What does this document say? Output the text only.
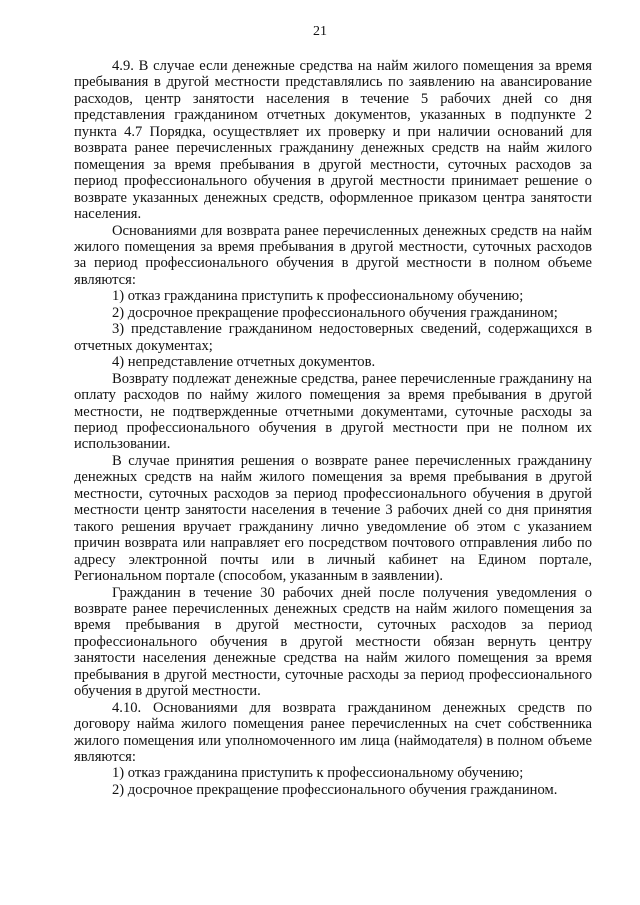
21

4.9. В случае если денежные средства на найм жилого помещения за время пребывания в другой местности представлялись по заявлению на авансирование расходов, центр занятости населения в течение 5 рабочих дней со дня представления гражданином отчетных документов, указанных в подпункте 2 пункта 4.7 Порядка, осуществляет их проверку и при наличии оснований для возврата ранее перечисленных гражданину денежных средств на найм жилого помещения за время пребывания в другой местности, суточных расходов за период профессионального обучения в другой местности принимает решение о возврате указанных денежных средств, оформленное приказом центра занятости населения.

Основаниями для возврата ранее перечисленных денежных средств на найм жилого помещения за время пребывания в другой местности, суточных расходов за период профессионального обучения в другой местности в полном объеме являются:

1) отказ гражданина приступить к профессиональному обучению;

2) досрочное прекращение профессионального обучения гражданином;

3) представление гражданином недостоверных сведений, содержащихся в отчетных документах;

4) непредставление отчетных документов.

Возврату подлежат денежные средства, ранее перечисленные гражданину на оплату расходов по найму жилого помещения за время пребывания в другой местности, не подтвержденные отчетными документами, суточные расходы за период профессионального обучения в другой местности при не полном их использовании.

В случае принятия решения о возврате ранее перечисленных гражданину денежных средств на найм жилого помещения за время пребывания в другой местности, суточных расходов за период профессионального обучения в другой местности центр занятости населения в течение 3 рабочих дней со дня принятия такого решения вручает гражданину лично уведомление об этом с указанием причин возврата или направляет его посредством почтового отправления либо по адресу электронной почты или в личный кабинет на Едином портале, Региональном портале (способом, указанным в заявлении).

Гражданин в течение 30 рабочих дней после получения уведомления о возврате ранее перечисленных денежных средств на найм жилого помещения за время пребывания в другой местности, суточных расходов за период профессионального обучения в другой местности обязан вернуть центру занятости населения денежные средства на найм жилого помещения за время пребывания в другой местности, суточные расходы за период профессионального обучения в другой местности.

4.10. Основаниями для возврата гражданином денежных средств по договору найма жилого помещения ранее перечисленных на счет собственника жилого помещения или уполномоченного им лица (наймодателя) в полном объеме являются:

1) отказ гражданина приступить к профессиональному обучению;

2) досрочное прекращение профессионального обучения гражданином.
